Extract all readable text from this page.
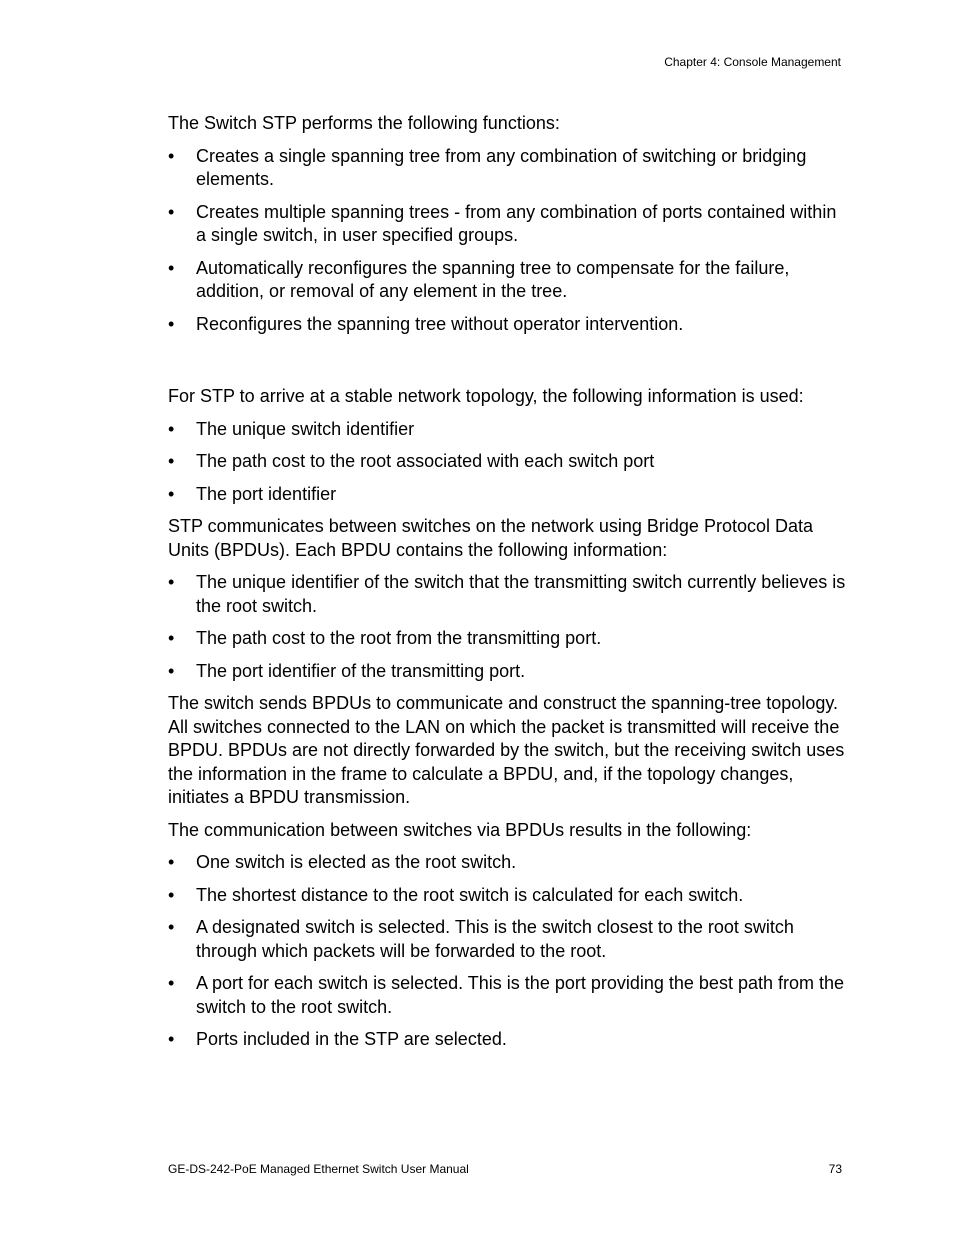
Chapter 4: Console Management

The Switch STP performs the following functions:

• Creates a single spanning tree from any combination of switching or bridging elements.
• Creates multiple spanning trees - from any combination of ports contained within a single switch, in user specified groups.
• Automatically reconfigures the spanning tree to compensate for the failure, addition, or removal of any element in the tree.
• Reconfigures the spanning tree without operator intervention.

For STP to arrive at a stable network topology, the following information is used:

• The unique switch identifier
• The path cost to the root associated with each switch port
• The port identifier

STP communicates between switches on the network using Bridge Protocol Data Units (BPDUs). Each BPDU contains the following information:

• The unique identifier of the switch that the transmitting switch currently believes is the root switch.
• The path cost to the root from the transmitting port.
• The port identifier of the transmitting port.

The switch sends BPDUs to communicate and construct the spanning-tree topology. All switches connected to the LAN on which the packet is transmitted will receive the BPDU. BPDUs are not directly forwarded by the switch, but the receiving switch uses the information in the frame to calculate a BPDU, and, if the topology changes, initiates a BPDU transmission.

The communication between switches via BPDUs results in the following:

• One switch is elected as the root switch.
• The shortest distance to the root switch is calculated for each switch.
• A designated switch is selected. This is the switch closest to the root switch through which packets will be forwarded to the root.
• A port for each switch is selected. This is the port providing the best path from the switch to the root switch.
• Ports included in the STP are selected.
GE-DS-242-PoE Managed Ethernet Switch User Manual	73
